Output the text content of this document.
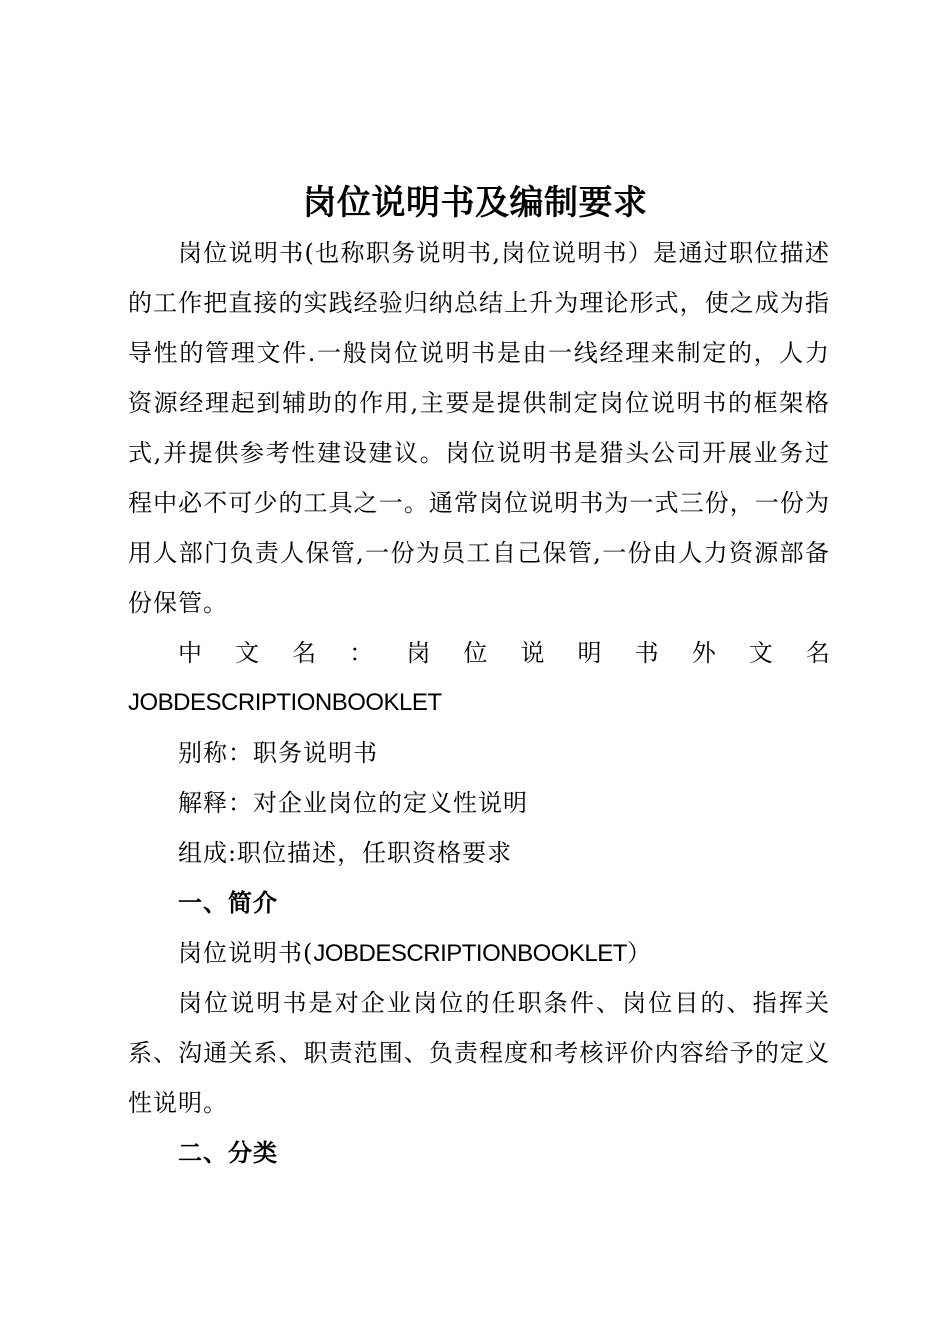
岗位说明书及编制要求

岗位说明书(也称职务说明书,岗位说明书）是通过职位描述的工作把直接的实践经验归纳总结上升为理论形式，使之成为指导性的管理文件.一般岗位说明书是由一线经理来制定的，人力资源经理起到辅助的作用,主要是提供制定岗位说明书的框架格式,并提供参考性建设建议。岗位说明书是猎头公司开展业务过程中必不可少的工具之一。通常岗位说明书为一式三份，一份为用人部门负责人保管,一份为员工自己保管,一份由人力资源部备份保管。

中 文 名 ： 岗 位 说 明 书 外 文 名
JOBDESCRIPTIONBOOKLET
别称：职务说明书
解释：对企业岗位的定义性说明
组成:职位描述，任职资格要求
一、简介
岗位说明书(JOBDESCRIPTIONBOOKLET）

岗位说明书是对企业岗位的任职条件、岗位目的、指挥关系、沟通关系、职责范围、负责程度和考核评价内容给予的定义性说明。

二、分类
